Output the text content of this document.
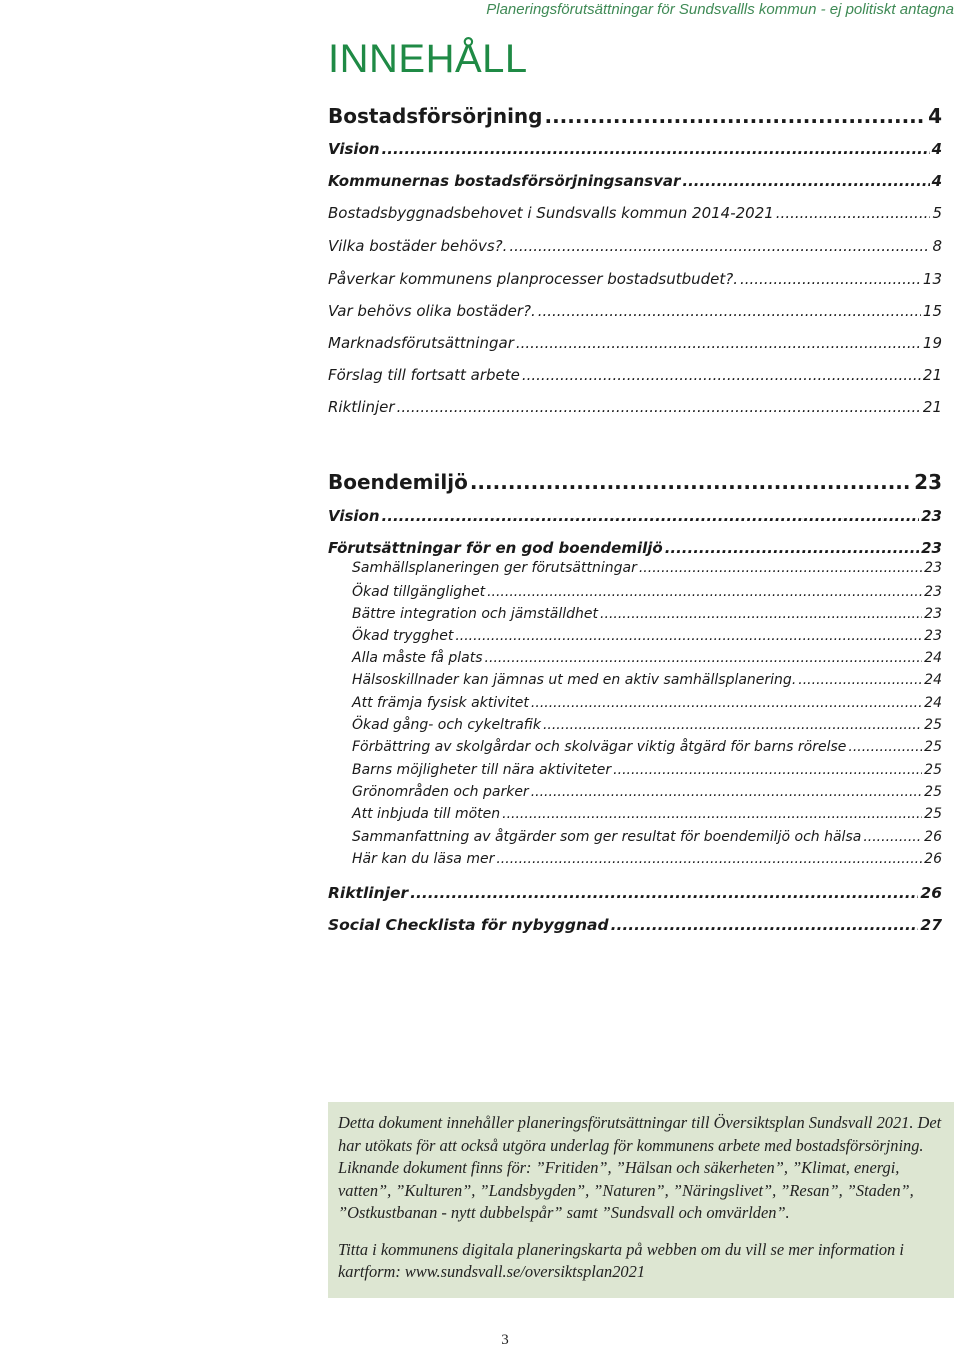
Planeringsförutsättningar för Sundsvallls kommun - ej politiskt antagna
INNEHÅLL
Bostadsförsörjning .....	4
Vision .....	4
Kommunernas bostadsförsörjningsansvar .....	4
Bostadsbyggnadsbehovet i Sundsvalls kommun 2014-2021 .....	5
Vilka bostäder behövs?. .....	8
Påverkar kommunens planprocesser bostadsutbudet?. .....	13
Var behövs olika bostäder?. .....	15
Marknadsförutsättningar .....	19
Förslag till fortsatt arbete .....	21
Riktlinjer .....	21
Boendemiljö .....	23
Vision .....	23
Förutsättningar för en god boendemiljö .....	23
Samhällsplaneringen ger förutsättningar .....	23
Ökad tillgänglighet .....	23
Bättre integration och jämställdhet .....	23
Ökad trygghet .....	23
Alla måste få plats .....	24
Hälsoskillnader kan jämnas ut med en aktiv samhällsplanering. .....	24
Att främja fysisk aktivitet .....	24
Ökad gång- och cykeltrafik .....	25
Förbättring av skolgårdar och skolvägar viktig åtgärd för barns rörelse .....	25
Barns möjligheter till nära aktiviteter .....	25
Grönområden och parker .....	25
Att inbjuda till möten .....	25
Sammanfattning av åtgärder som ger resultat för boendemiljö och hälsa .....	26
Här kan du läsa mer .....	26
Riktlinjer .....	26
Social Checklista för nybyggnad .....	27

Detta dokument innehåller planeringsförutsättningar till Översiktsplan Sundsvall 2021. Det har utökats för att också utgöra underlag för kommunens arbete med bostadsförsörjning. Liknande dokument finns för: ”Fritiden”, ”Hälsan och säkerheten”, ”Klimat, energi, vatten”, ”Kulturen”, ”Landsbygden”, ”Naturen”, ”Näringslivet”, ”Resan”, ”Staden”, ”Ostkustbanan - nytt dubbelspår” samt ”Sundsvall och omvärlden”.

Titta i kommunens digitala planeringskarta på webben om du vill se mer information i kartform: www.sundsvall.se/oversiktsplan2021

3
